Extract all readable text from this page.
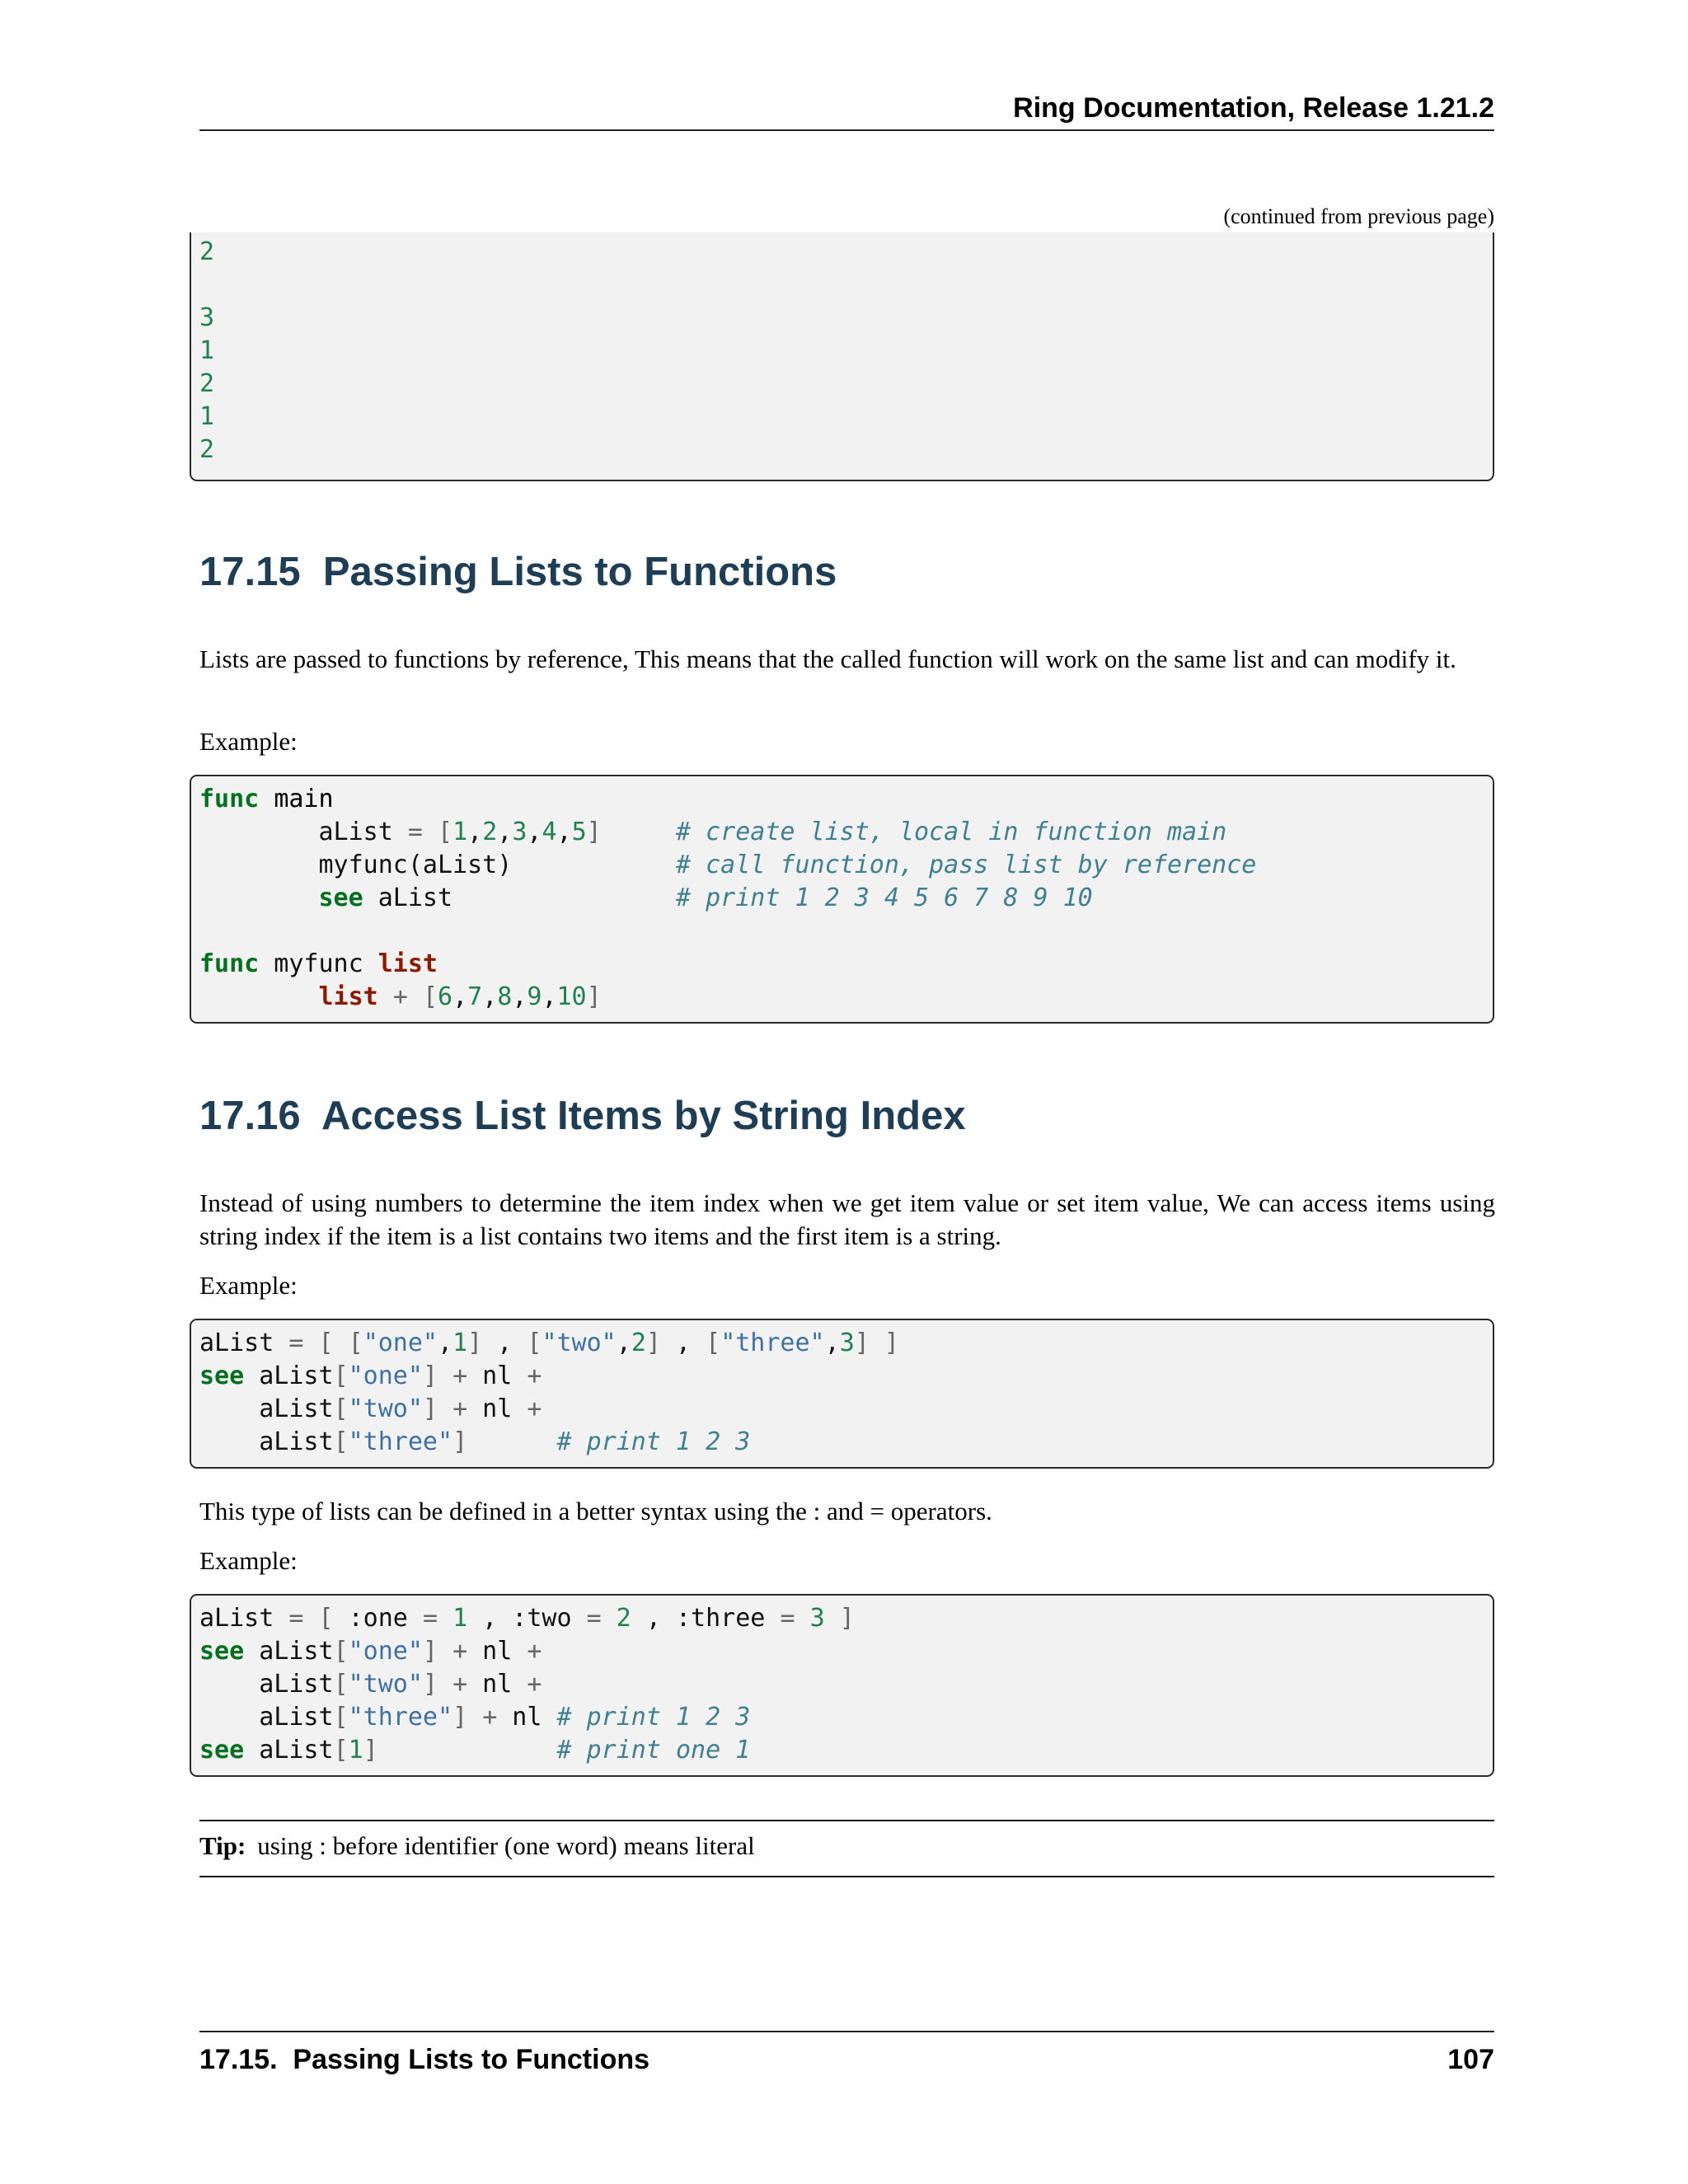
Ring Documentation, Release 1.21.2
(continued from previous page)
2

3
1
2
1
2
17.15 Passing Lists to Functions
Lists are passed to functions by reference, This means that the called function will work on the same list and can modify it.
Example:
func main
aList = [1,2,3,4,5]	# create list, local in function main
myfunc(aList)	# call function, pass list by reference
see aList               # print 1 2 3 4 5 6 7 8 9 10

func myfunc list
list + [6,7,8,9,10]
17.16 Access List Items by String Index
Instead of using numbers to determine the item index when we get item value or set item value, We can access items using string index if the item is a list contains two items and the first item is a string.
Example:
aList = [ ["one",1] , ["two",2] , ["three",3] ]
see aList["one"] + nl +
aList["two"] + nl +
aList["three"]	# print 1 2 3
This type of lists can be defined in a better syntax using the : and = operators.
Example:
aList = [ :one = 1 , :two = 2 , :three = 3 ]
see aList["one"] + nl +
aList["two"] + nl +
aList["three"] + nl # print 1 2 3
see aList[1]	# print one 1
Tip: using : before identifier (one word) means literal
17.15.  Passing Lists to Functions	107
